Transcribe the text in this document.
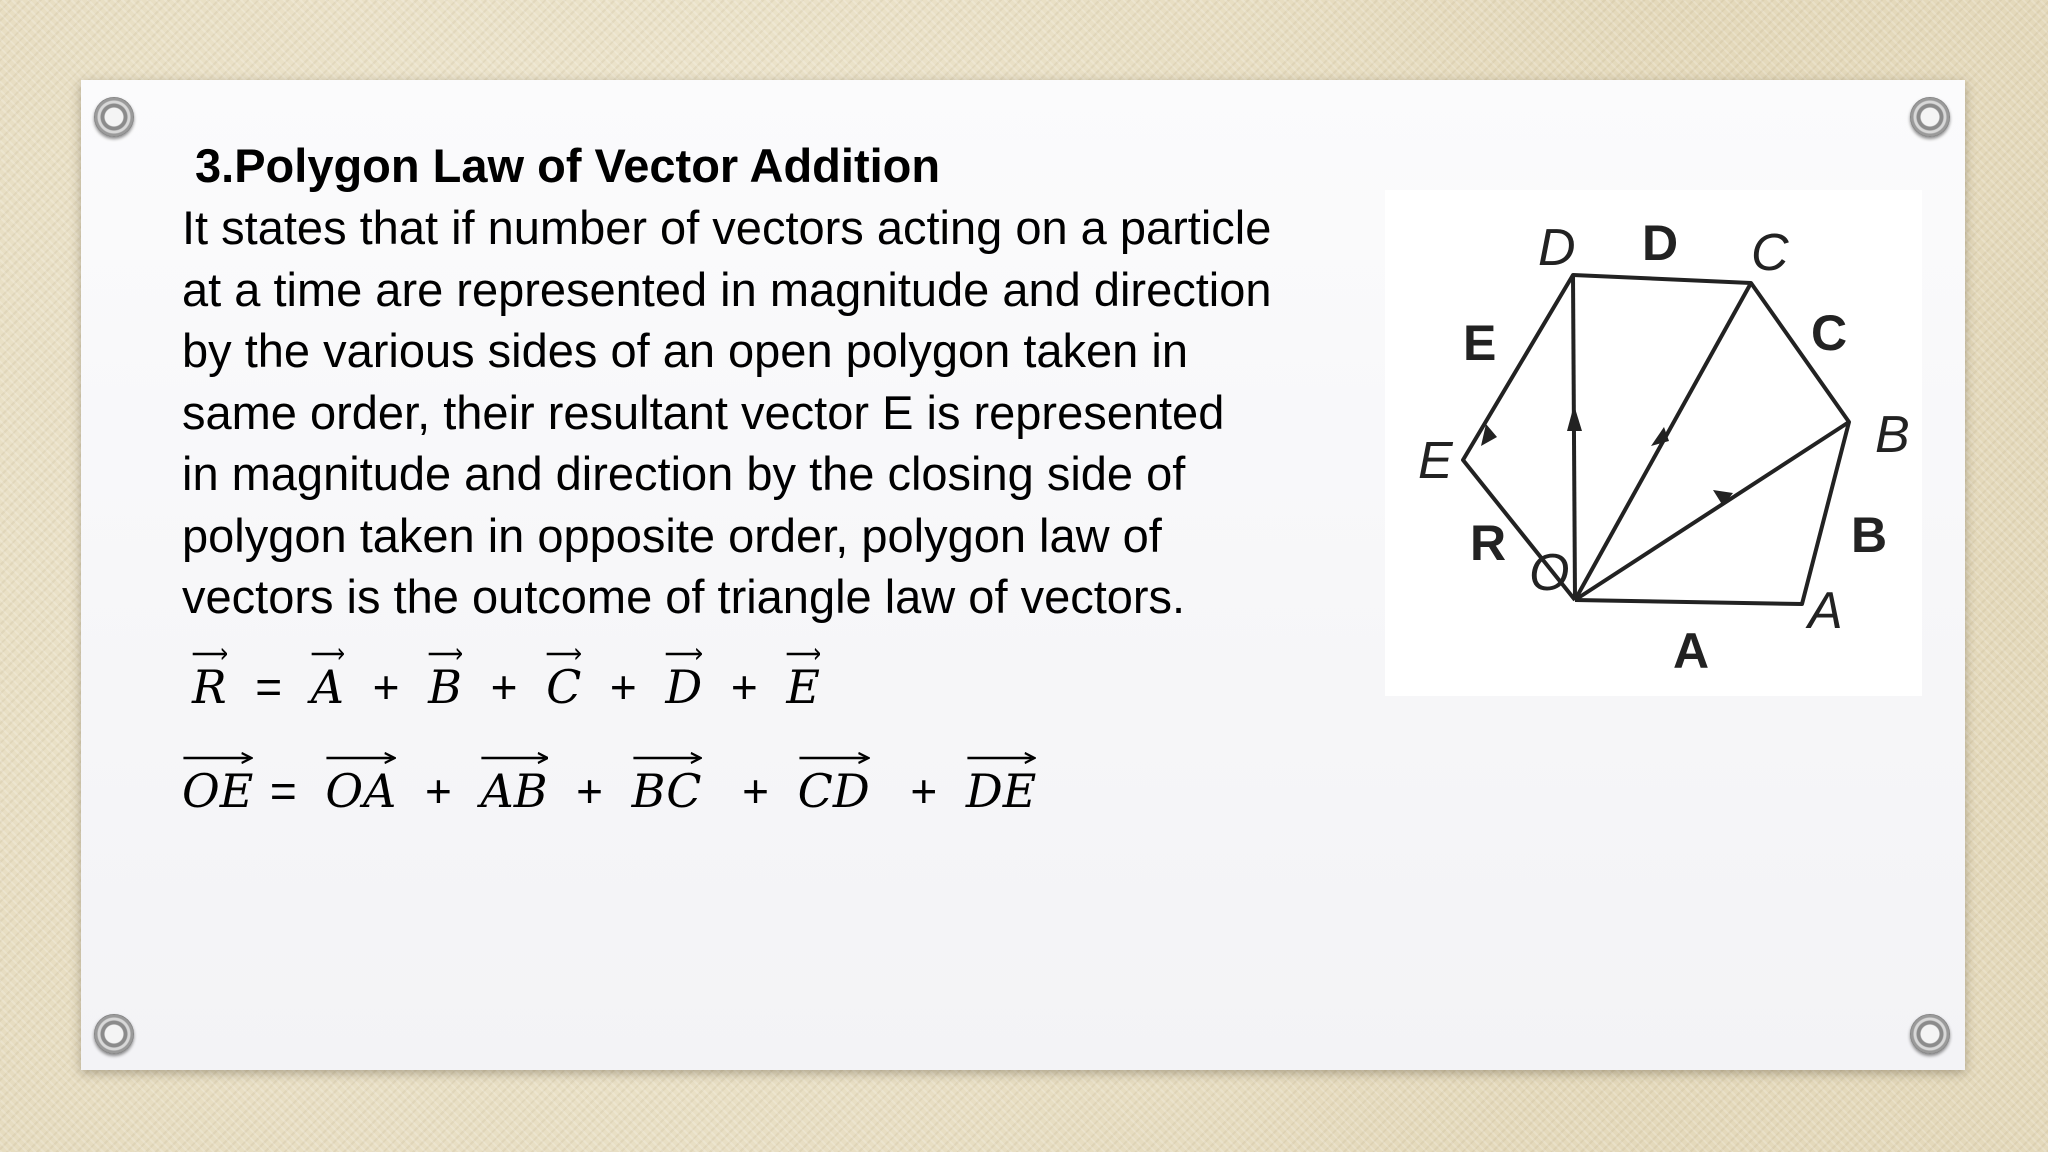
3.Polygon Law of Vector Addition
It states that if number of vectors acting on a particle
at a time are represented in magnitude and direction
by the various sides of an open polygon taken in
same order, their resultant vector E is represented
in magnitude and direction by the closing side of
polygon taken in opposite order, polygon law of
vectors is the outcome of triangle law of vectors.
R = A + B + C + D + E
OE = OA + AB + BC + CD + DE
O
A
B
C
D
E
A
B
C
D
E
R
